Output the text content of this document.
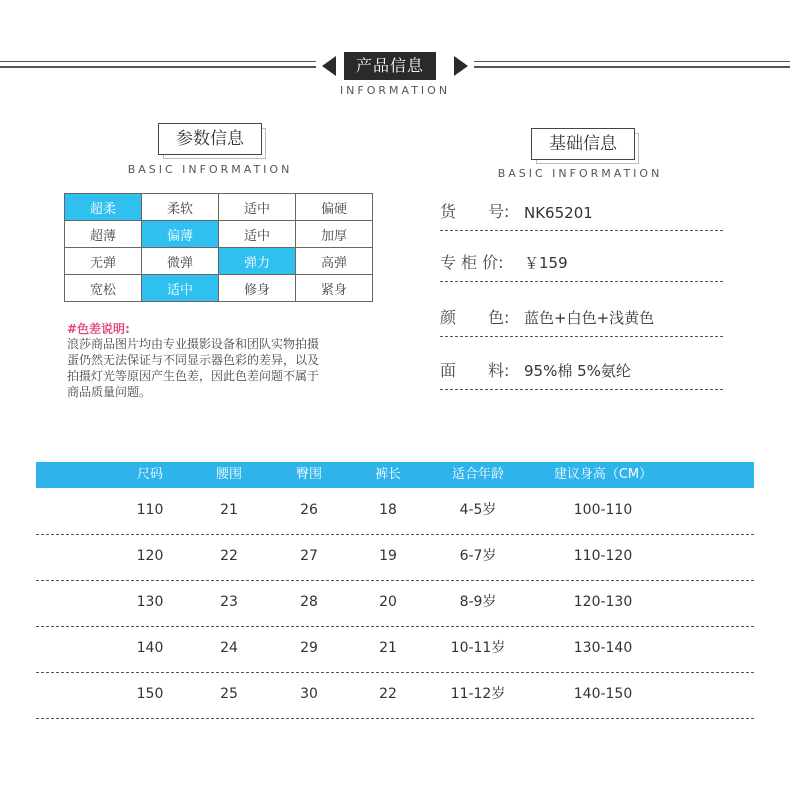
产品信息
INFORMATION
参数信息
BASIC INFORMATION
超柔	柔软	适中	偏硬
超薄	偏薄	适中	加厚
无弹	微弹	弹力	高弹
宽松	适中	修身	紧身
#色差说明:
浪莎商品图片均由专业摄影设备和团队实物拍摄
蛋仍然无法保证与不同显示器色彩的差异，以及
拍摄灯光等原因产生色差，因此色差问题不属于
商品质量问题。
基础信息
BASIC INFORMATION
货　　号: NK65201
专 柜 价: ￥159
颜　　色: 蓝色+白色+浅黄色
面　　料: 95%棉 5%氨纶
尺码	腰围	臀围	裤长	适合年龄	建议身高（CM）
110	21	26	18	4-5岁	100-110
120	22	27	19	6-7岁	110-120
130	23	28	20	8-9岁	120-130
140	24	29	21	10-11岁	130-140
150	25	30	22	11-12岁	140-150
